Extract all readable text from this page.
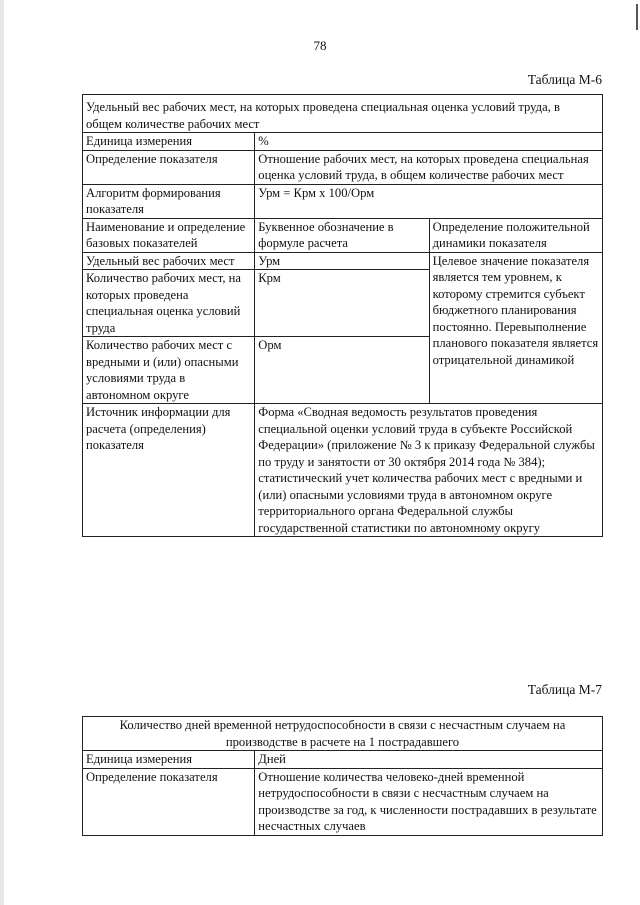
78
Таблица М-6
Удельный вес рабочих мест, на которых проведена специальная оценка условий труда, в общем количестве рабочих мест		
Единица измерения	%	
Определение показателя	Отношение рабочих мест, на которых проведена специальная оценка условий труда, в общем количестве рабочих мест	
Алгоритм формирования показателя	Урм = Крм x 100/Орм	
Наименование и определение базовых показателей	Буквенное обозначение в формуле расчета	Определение положительной динамики показателя
Удельный вес рабочих мест	Урм	Целевое значение показателя является тем уровнем, к которому стремится субъект бюджетного планирования постоянно. Перевыполнение планового показателя является отрицательной динамикой
Количество рабочих мест, на которых проведена специальная оценка условий труда	Крм	
Количество рабочих мест с вредными и (или) опасными условиями труда в автономном округе	Орм	
Источник информации для расчета (определения) показателя	Форма «Сводная ведомость результатов проведения специальной оценки условий труда в субъекте Российской Федерации» (приложение № 3 к приказу Федеральной службы по труду и занятости от 30 октября 2014 года № 384); статистический учет количества рабочих мест с вредными и (или) опасными условиями труда в автономном округе территориального органа Федеральной службы государственной статистики по автономному округу	
Таблица М-7
Количество дней временной нетрудоспособности в связи с несчастным случаем на производстве в расчете на 1 пострадавшего	
Единица измерения	Дней
Определение показателя	Отношение количества человеко-дней временной нетрудоспособности в связи с несчастным случаем на производстве за год, к численности пострадавших в результате несчастных случаев
